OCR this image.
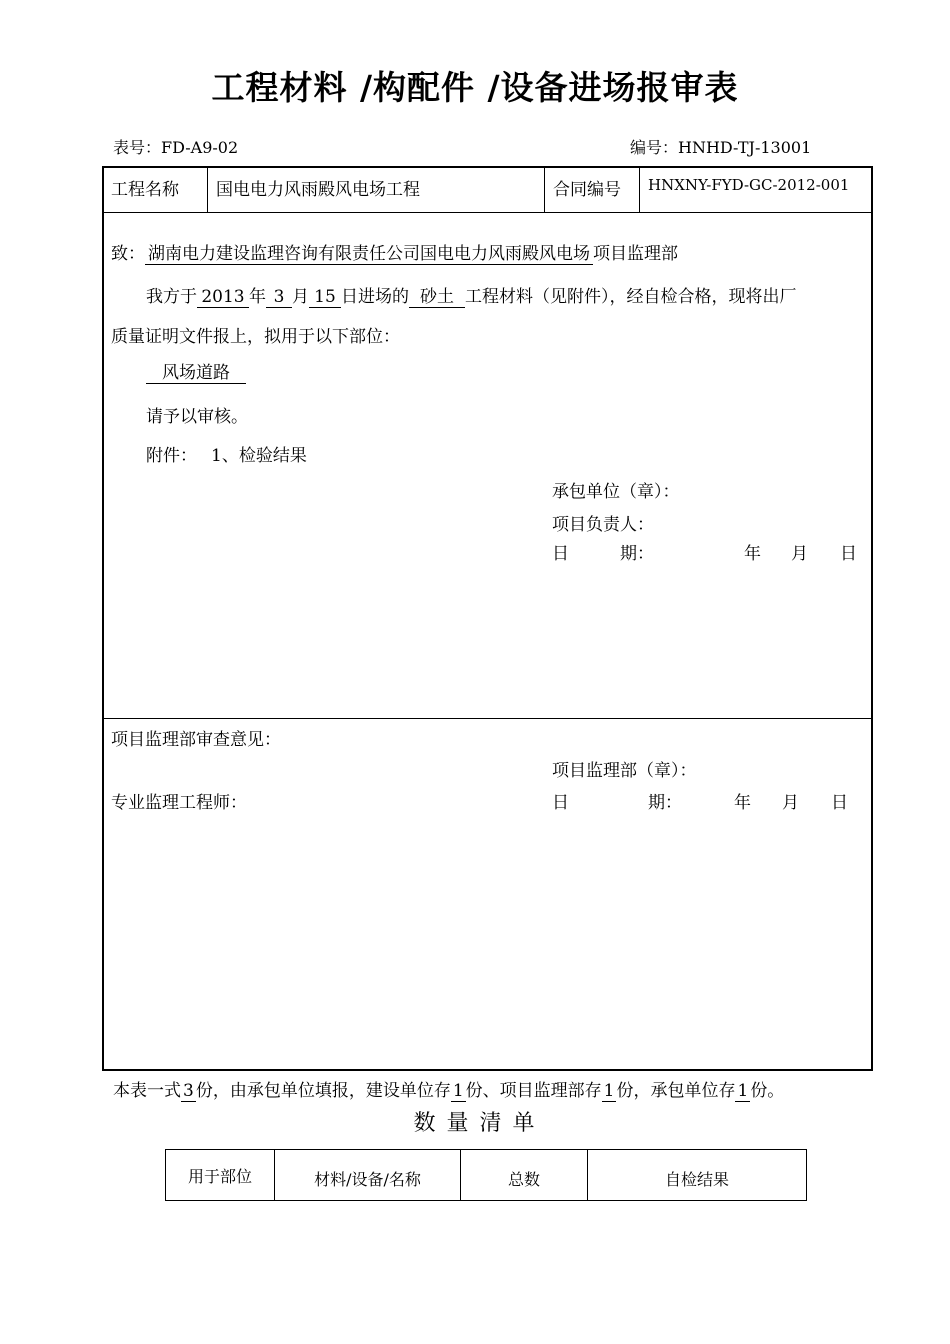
工程材料 /构配件 /设备进场报审表
表号：FD-A9-02	编号：HNHD-TJ-13001
工程名称 国电电力风雨殿风电场工程	合同编号 HNXNY-FYD-GC-2012-001
致： 湖南电力建设监理咨询有限责任公司国电电力风雨殿风电场 项目监理部
我方于 2013 年 3 月 15 日进场的 砂土 工程材料（见附件），经自检合格，现将出厂
质量证明文件报上，拟用于以下部位：
风场道路
请予以审核。
附件： 1、检验结果
承包单位（章）：
项目负责人：
日	期：	年 月 日
项目监理部审查意见：
项目监理部（章）：
专业监理工程师：	日	期：	年 月 日
本表一式 3 份，由承包单位填报，建设单位存 1 份、项目监理部存 1 份，承包单位存 1 份。
数 量 清 单
用于部位	材料/设备/名称	总数	自检结果
